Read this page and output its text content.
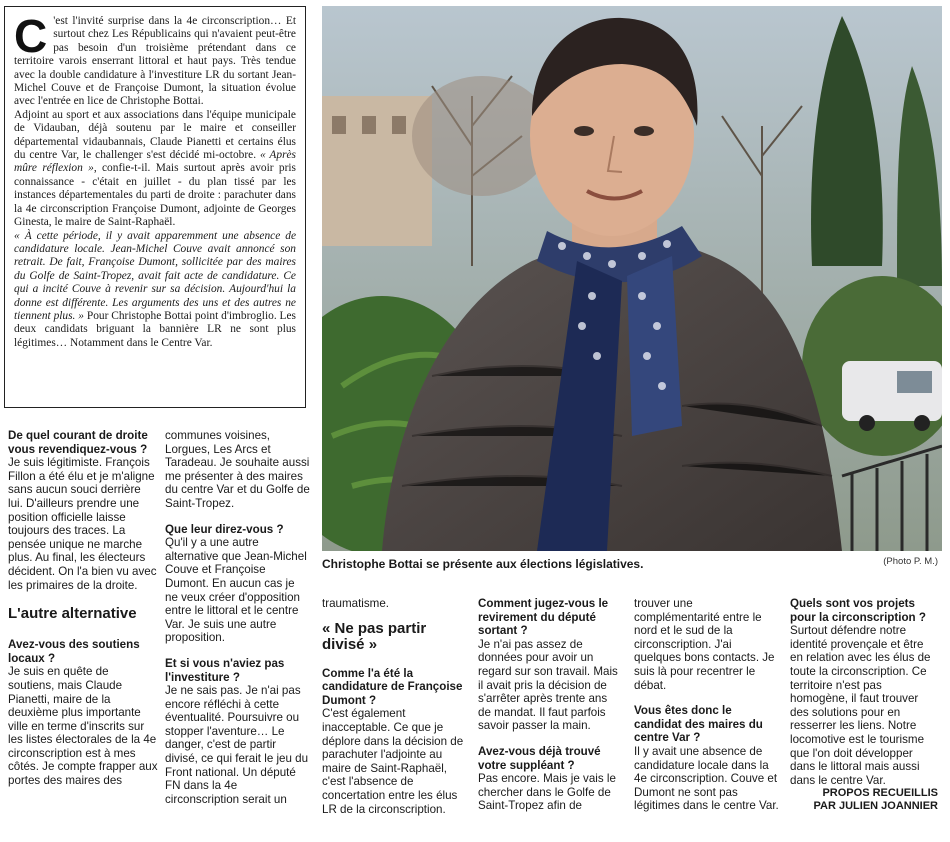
C 'est l'invité surprise dans la 4e circonscription… Et surtout chez Les Républicains qui n'avaient peut-être pas besoin d'un troisième prétendant dans ce territoire varois enserrant littoral et haut pays. Très tendue avec la double candidature à l'investiture LR du sortant Jean-Michel Couve et de Françoise Dumont, la situation évolue avec l'entrée en lice de Christophe Bottai.

Adjoint au sport et aux associations dans l'équipe municipale de Vidauban, déjà soutenu par le maire et conseiller départemental vidaubannais, Claude Pianetti et certains élus du centre Var, le challenger s'est décidé mi-octobre. « Après mûre réflexion », confie-t-il. Mais surtout après avoir pris connaissance - c'était en juillet - du plan tissé par les instances départementales du parti de droite : parachuter dans la 4e circonscription Françoise Dumont, adjointe de Georges Ginesta, le maire de Saint-Raphaël.

« À cette période, il y avait apparemment une absence de candidature locale. Jean-Michel Couve avait annoncé son retrait. De fait, Françoise Dumont, sollicitée par des maires du Golfe de Saint-Tropez, avait fait acte de candidature. Ce qui a incité Couve à revenir sur sa décision. Aujourd'hui la donne est différente. Les arguments des uns et des autres ne tiennent plus. » Pour Christophe Bottai point d'imbroglio. Les deux candidats briguant la bannière LR ne sont plus légitimes… Notamment dans le Centre Var.

Christophe Bottai se présente aux élections législatives.	(Photo P. M.)

De quel courant de droite vous revendiquez-vous ?

Je suis légitimiste. François Fillon a été élu et je m'aligne sans aucun souci derrière lui. D'ailleurs prendre une position officielle laisse toujours des traces. La pensée unique ne marche plus. Au final, les électeurs décident. On l'a bien vu avec les primaires de la droite.

L'autre alternative

Avez-vous des soutiens locaux ?

Je suis en quête de soutiens, mais Claude Pianetti, maire de la deuxième plus importante ville en terme d'inscrits sur les listes électorales de la 4e circonscription est à mes côtés. Je compte frapper aux portes des maires des

communes voisines, Lorgues, Les Arcs et Taradeau. Je souhaite aussi me présenter à des maires du centre Var et du Golfe de Saint-Tropez.

Que leur direz-vous ?

Qu'il y a une autre alternative que Jean-Michel Couve et Françoise Dumont. En aucun cas je ne veux créer d'opposition entre le littoral et le centre Var. Je suis une autre proposition.

Et si vous n'aviez pas l'investiture ?

Je ne sais pas. Je n'ai pas encore réfléchi à cette éventualité. Poursuivre ou stopper l'aventure… Le danger, c'est de partir divisé, ce qui ferait le jeu du Front national. Un député FN dans la 4e circonscription serait un

traumatisme.

« Ne pas partir divisé »

Comme l'a été la candidature de Françoise Dumont ?

C'est également inacceptable. Ce que je déplore dans la décision de parachuter l'adjointe au maire de Saint-Raphaël, c'est l'absence de concertation entre les élus LR de la circonscription.

Comment jugez-vous le revirement du député sortant ?

Je n'ai pas assez de données pour avoir un regard sur son travail. Mais il avait pris la décision de s'arrêter après trente ans de mandat. Il faut parfois savoir passer la main.

Avez-vous déjà trouvé votre suppléant ?

Pas encore. Mais je vais le chercher dans le Golfe de Saint-Tropez afin de

trouver une complémentarité entre le nord et le sud de la circonscription. J'ai quelques bons contacts. Je suis là pour recentrer le débat.

Vous êtes donc le candidat des maires du centre Var ?

Il y avait une absence de candidature locale dans la 4e circonscription. Couve et Dumont ne sont pas légitimes dans le centre Var.

Quels sont vos projets pour la circonscription ?

Surtout défendre notre identité provençale et être en relation avec les élus de toute la circonscription. Ce territoire n'est pas homogène, il faut trouver des solutions pour en resserrer les liens. Notre locomotive est le tourisme que l'on doit développer dans le littoral mais aussi dans le centre Var.

PROPOS RECUEILLIS

PAR JULIEN JOANNIER
